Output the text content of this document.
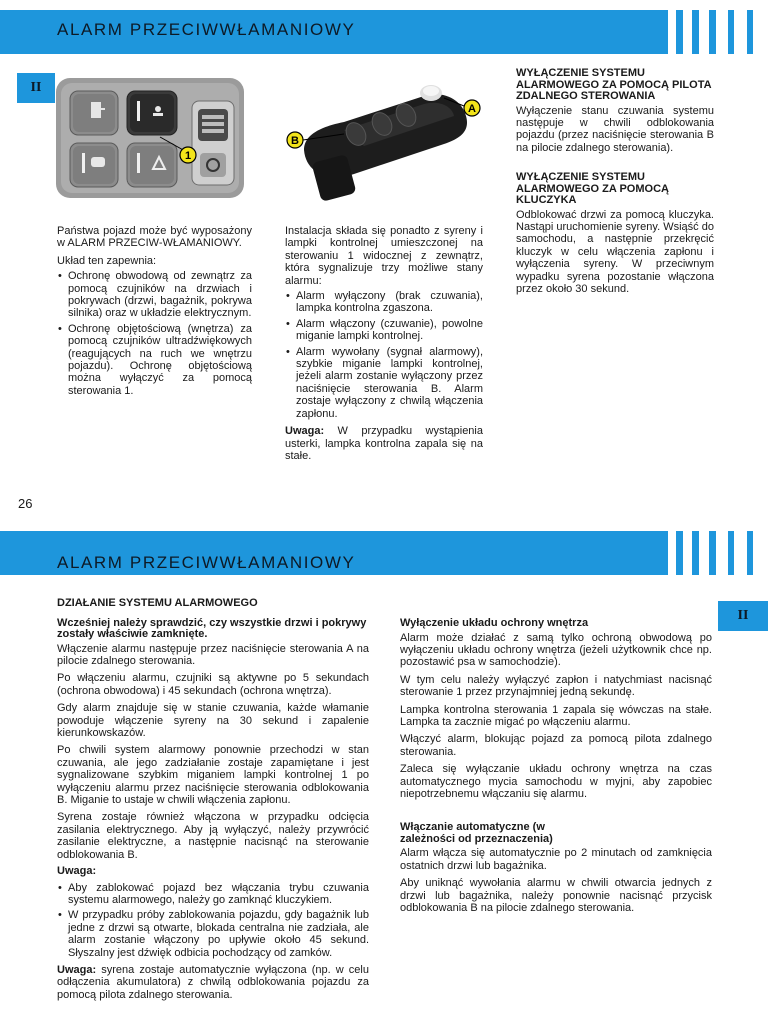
ALARM PRZECIWWŁAMANIOWY
II
1
A
B

Państwa pojazd może być wyposażony w ALARM PRZECIW-WŁAMANIOWY.

Układ ten zapewnia:

• Ochronę obwodową od zewnątrz za pomocą czujników na drzwiach i pokrywach (drzwi, bagażnik, pokrywa silnika) oraz w układzie elektrycznym.
• Ochronę objętościową (wnętrza) za pomocą czujników ultradźwiękowych (reagujących na ruch we wnętrzu pojazdu). Ochronę objętościową można wyłączyć za pomocą sterowania 1.

Instalacja składa się ponadto z syreny i lampki kontrolnej umieszczonej na sterowaniu 1 widocznej z zewnątrz, która sygnalizuje trzy możliwe stany alarmu:

• Alarm wyłączony (brak czuwania), lampka kontrolna zgaszona.
• Alarm włączony (czuwanie), powolne miganie lampki kontrolnej.
• Alarm wywołany (sygnał alarmowy), szybkie miganie lampki kontrolnej, jeżeli alarm zostanie wyłączony przez naciśnięcie sterowania B. Alarm zostaje wyłączony z chwilą włączenia zapłonu.

Uwaga: W przypadku wystąpienia usterki, lampka kontrolna zapala się na stałe.

WYŁĄCZENIE SYSTEMU ALARMOWEGO ZA POMOCĄ PILOTA ZDALNEGO STEROWANIA

Wyłączenie stanu czuwania systemu następuje w chwili odblokowania pojazdu (przez naciśnięcie sterowania B na pilocie zdalnego sterowania).

WYŁĄCZENIE SYSTEMU ALARMOWEGO ZA POMOCĄ KLUCZYKA

Odblokować drzwi za pomocą kluczyka. Nastąpi uruchomienie syreny. Wsiąść do samochodu, a następnie przekręcić kluczyk w celu włączenia zapłonu i wyłączenia syreny. W przeciwnym wypadku syrena pozostanie włączona przez około 30 sekund.

26
ALARM PRZECIWWŁAMANIOWY
II

DZIAŁANIE SYSTEMU ALARMOWEGO

Wcześniej należy sprawdzić, czy wszystkie drzwi i pokrywy zostały właściwie zamknięte.

Włączenie alarmu następuje przez naciśnięcie sterowania A na pilocie zdalnego sterowania.

Po włączeniu alarmu, czujniki są aktywne po 5 sekundach (ochrona obwodowa) i 45 sekundach (ochrona wnętrza).

Gdy alarm znajduje się w stanie czuwania, każde włamanie powoduje włączenie syreny na 30 sekund i zapalenie kierunkowskazów.

Po chwili system alarmowy ponownie przechodzi w stan czuwania, ale jego zadziałanie zostaje zapamiętane i jest sygnalizowane szybkim miganiem lampki kontrolnej 1 po wyłączeniu alarmu przez naciśnięcie sterowania odblokowania B. Miganie to ustaje w chwili włączenia zapłonu.

Syrena zostaje również włączona w przypadku odcięcia zasilania elektrycznego. Aby ją wyłączyć, należy przywrócić zasilanie elektryczne, a następnie nacisnąć na sterowanie odblokowania B.

Uwaga:

• Aby zablokować pojazd bez włączania trybu czuwania systemu alarmowego, należy go zamknąć kluczykiem.
• W przypadku próby zablokowania pojazdu, gdy bagażnik lub jedne z drzwi są otwarte, blokada centralna nie zadziała, ale alarm zostanie włączony po upływie około 45 sekund. Słyszalny jest dźwięk odbicia pochodzący od zamków.

Uwaga: syrena zostaje automatycznie wyłączona (np. w celu odłączenia akumulatora) z chwilą odblokowania pojazdu za pomocą pilota zdalnego sterowania.

Wyłączenie układu ochrony wnętrza

Alarm może działać z samą tylko ochroną obwodową po wyłączeniu układu ochrony wnętrza (jeżeli użytkownik chce np. pozostawić psa w samochodzie).

W tym celu należy wyłączyć zapłon i natychmiast nacisnąć sterowanie 1 przez przynajmniej jedną sekundę.

Lampka kontrolna sterowania 1 zapala się wówczas na stałe. Lampka ta zacznie migać po włączeniu alarmu.

Włączyć alarm, blokując pojazd za pomocą pilota zdalnego sterowania.

Zaleca się wyłączanie układu ochrony wnętrza na czas automatycznego mycia samochodu w myjni, aby zapobiec niepotrzebnemu włączaniu się alarmu.

Włączanie automatyczne (w zależności od przeznaczenia)

Alarm włącza się automatycznie po 2 minutach od zamknięcia ostatnich drzwi lub bagażnika.

Aby uniknąć wywołania alarmu w chwili otwarcia jednych z drzwi lub bagażnika, należy ponownie nacisnąć przycisk odblokowania B na pilocie zdalnego sterowania.
